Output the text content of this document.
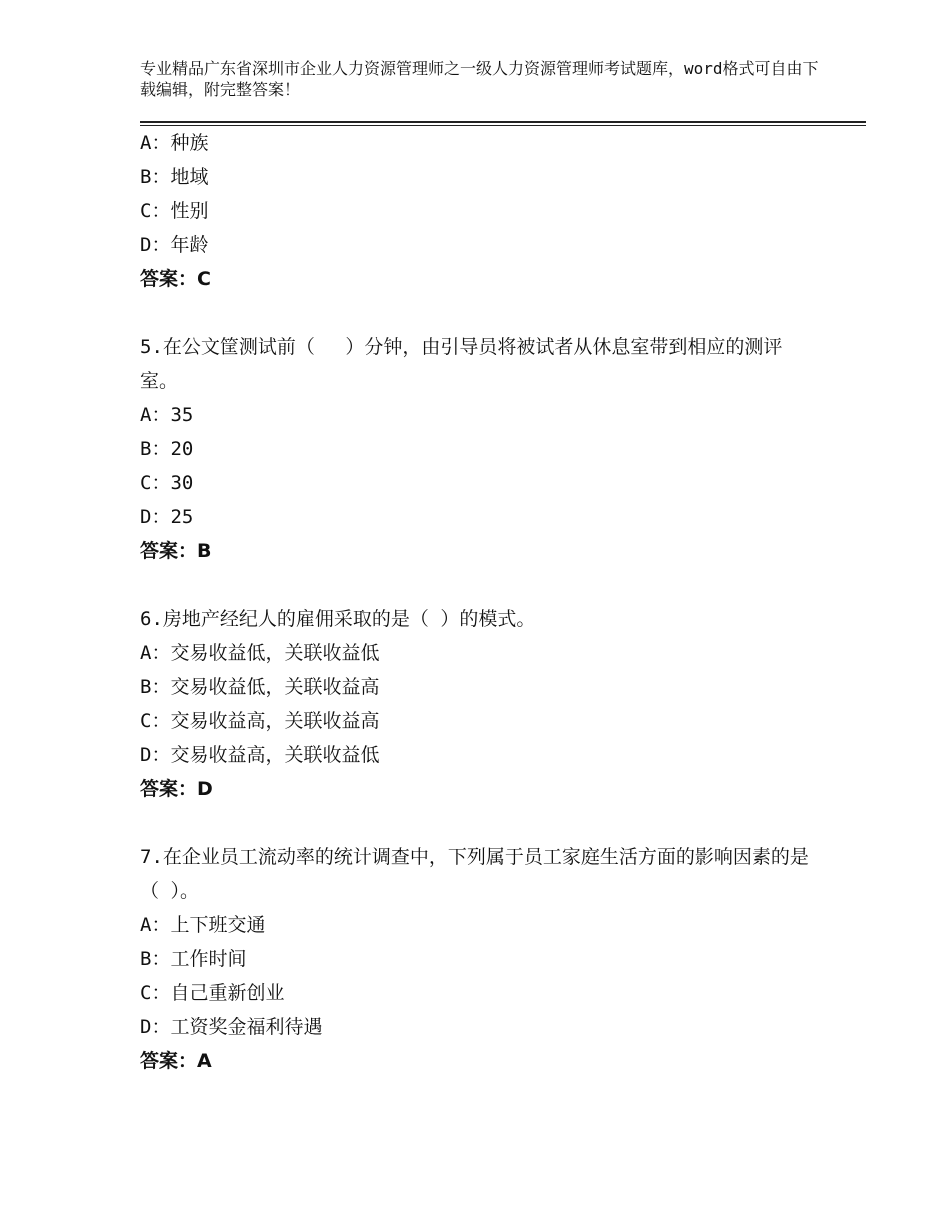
专业精品广东省深圳市企业人力资源管理师之一级人力资源管理师考试题库，word格式可自由下载编辑，附完整答案！
A：种族
B：地域
C：性别
D：年龄
答案：C
5.在公文筐测试前（　 ）分钟，由引导员将被试者从休息室带到相应的测评室。
A：35
B：20
C：30
D：25
答案：B
6.房地产经纪人的雇佣采取的是（ ）的模式。
A：交易收益低，关联收益低
B：交易收益低，关联收益高
C：交易收益高，关联收益高
D：交易收益高，关联收益低
答案：D
7.在企业员工流动率的统计调查中，下列属于员工家庭生活方面的影响因素的是（ ）。
A：上下班交通
B：工作时间
C：自己重新创业
D：工资奖金福利待遇
答案：A
